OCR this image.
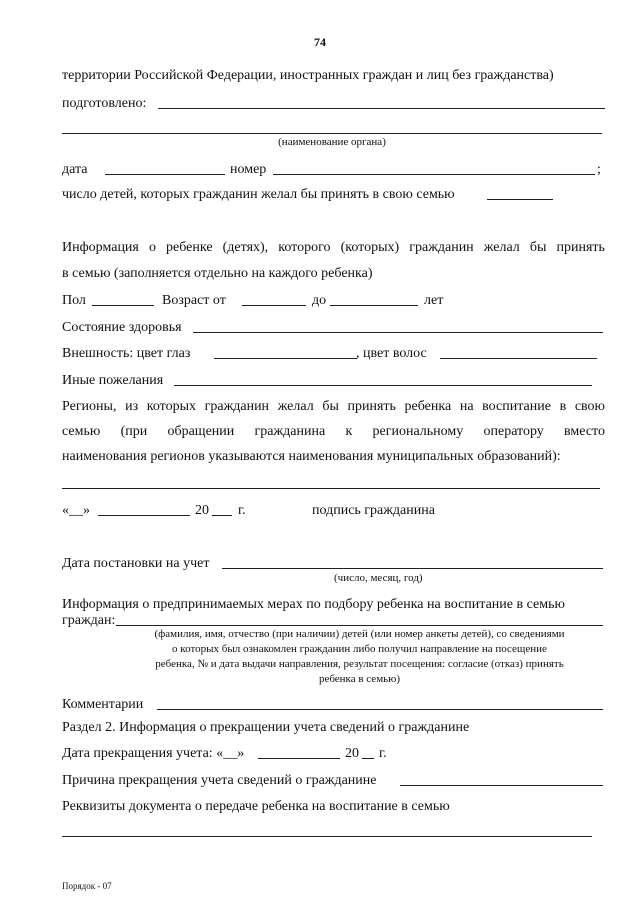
74
территории Российской Федерации, иностранных граждан и лиц без гражданства)
подготовлено:
(наименование органа)
дата	номер	;
число детей, которых гражданин желал бы принять в свою семью
Информация о ребенке (детях), которого (которых) гражданин желал бы принять
в семью (заполняется отдельно на каждого ребенка)
Пол	Возраст от	до	лет
Состояние здоровья
Внешность: цвет глаз	, цвет волос
Иные пожелания
Регионы, из которых гражданин желал бы принять ребенка на воспитание в свою
семью (при обращении гражданина к региональному оператору вместо
наименования регионов указываются наименования муниципальных образований):
«__»	20 г.	подпись гражданина
Дата постановки на учет
(число, месяц, год)
Информация о предпринимаемых мерах по подбору ребенка на воспитание в семью
граждан:
(фамилия, имя, отчество (при наличии) детей (или номер анкеты детей), со сведениями
о которых был ознакомлен гражданин либо получил направление на посещение
ребенка, № и дата выдачи направления, результат посещения: согласие (отказ) принять
ребенка в семью)
Комментарии
Раздел 2. Информация о прекращении учета сведений о гражданине
Дата прекращения учета: «__»	20 г.
Причина прекращения учета сведений о гражданине
Реквизиты документа о передаче ребенка на воспитание в семью
Порядок - 07
